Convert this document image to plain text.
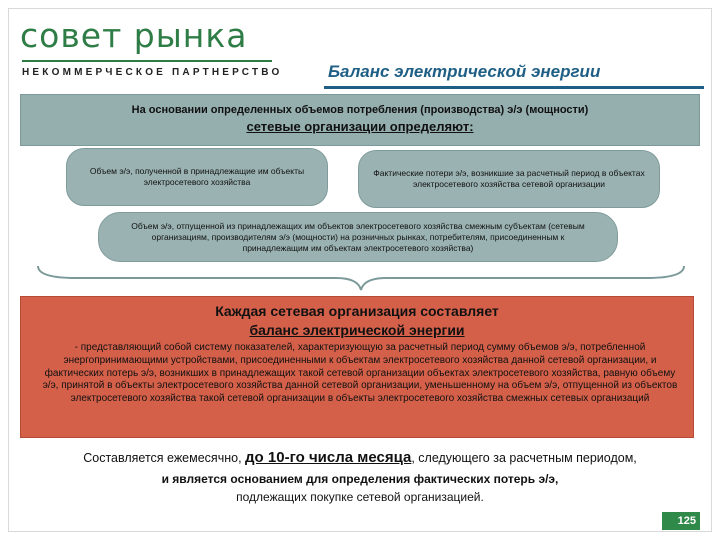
совет рынка
НЕКОММЕРЧЕСКОЕ ПАРТНЕРСТВО	Баланс электрической энергии
На основании определенных объемов потребления (производства) э/э (мощности)
сетевые организации определяют:
Объем э/э, полученной в принадлежащие им объекты электросетевого хозяйства
Фактические потери э/э, возникшие за расчетный период в объектах электросетевого хозяйства сетевой организации
Объем э/э, отпущенной из принадлежащих им объектов электросетевого хозяйства смежным субъектам (сетевым организациям, производителям э/э (мощности) на розничных рынках, потребителям, присоединенным к принадлежащим им объектам электросетевого хозяйства)
Каждая сетевая организация составляет
баланс электрической энергии
- представляющий собой систему показателей, характеризующую за расчетный период сумму объемов э/э, потребленной энергопринимающими устройствами, присоединенными к объектам электросетевого хозяйства данной сетевой организации, и фактических потерь э/э, возникших в принадлежащих такой сетевой организации объектах электросетевого хозяйства, равную объему э/э, принятой в объекты электросетевого хозяйства данной сетевой организации, уменьшенному на объем э/э, отпущенной из объектов электросетевого хозяйства такой сетевой организации в объекты электросетевого хозяйства смежных сетевых организаций
Составляется ежемесячно, до 10-го числа месяца, следующего за расчетным периодом,
и является основанием для определения фактических потерь э/э,
подлежащих покупке сетевой организацией.
125
